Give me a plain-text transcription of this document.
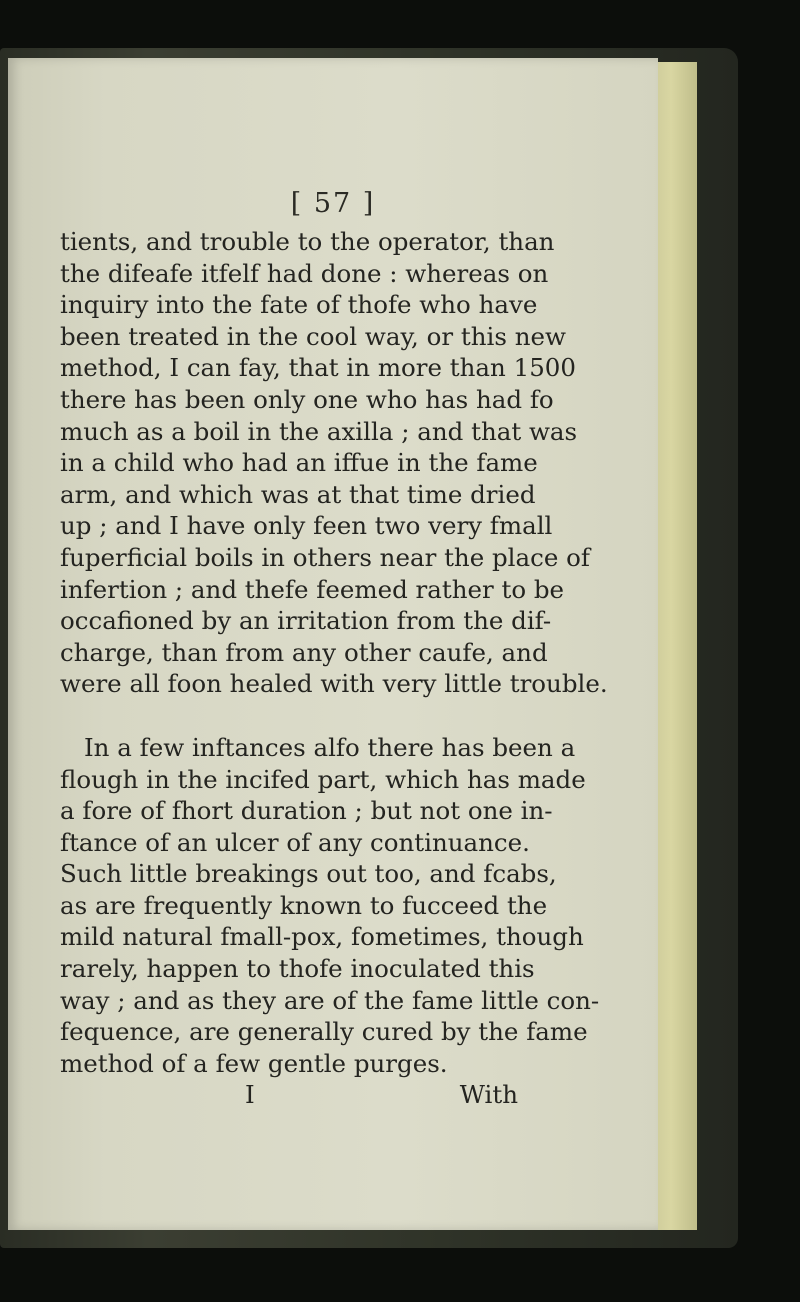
[ 57 ]
tients, and trouble to the operator, than
the difeafe itfelf had done : whereas on
inquiry into the fate of thofe who have
been treated in the cool way, or this new
method, I can fay, that in more than 1500
there has been only one who has had fo
much as a boil in the axilla ; and that was
in a child who had an iffue in the fame
arm, and which was at that time dried
up ; and I have only feen two very fmall
fuperficial boils in others near the place of
infertion ; and thefe feemed rather to be
occafioned by an irritation from the dif-
charge, than from any other caufe, and
were all foon healed with very little trouble.
In a few inftances alfo there has been a
flough in the incifed part, which has made
a fore of fhort duration ; but not one in-
ftance of an ulcer of any continuance.
Such little breakings out too, and fcabs,
as are frequently known to fucceed the
mild natural fmall-pox, fometimes, though
rarely, happen to thofe inoculated this
way ; and as they are of the fame little con-
fequence, are generally cured by the fame
method of a few gentle purges.
I	With
